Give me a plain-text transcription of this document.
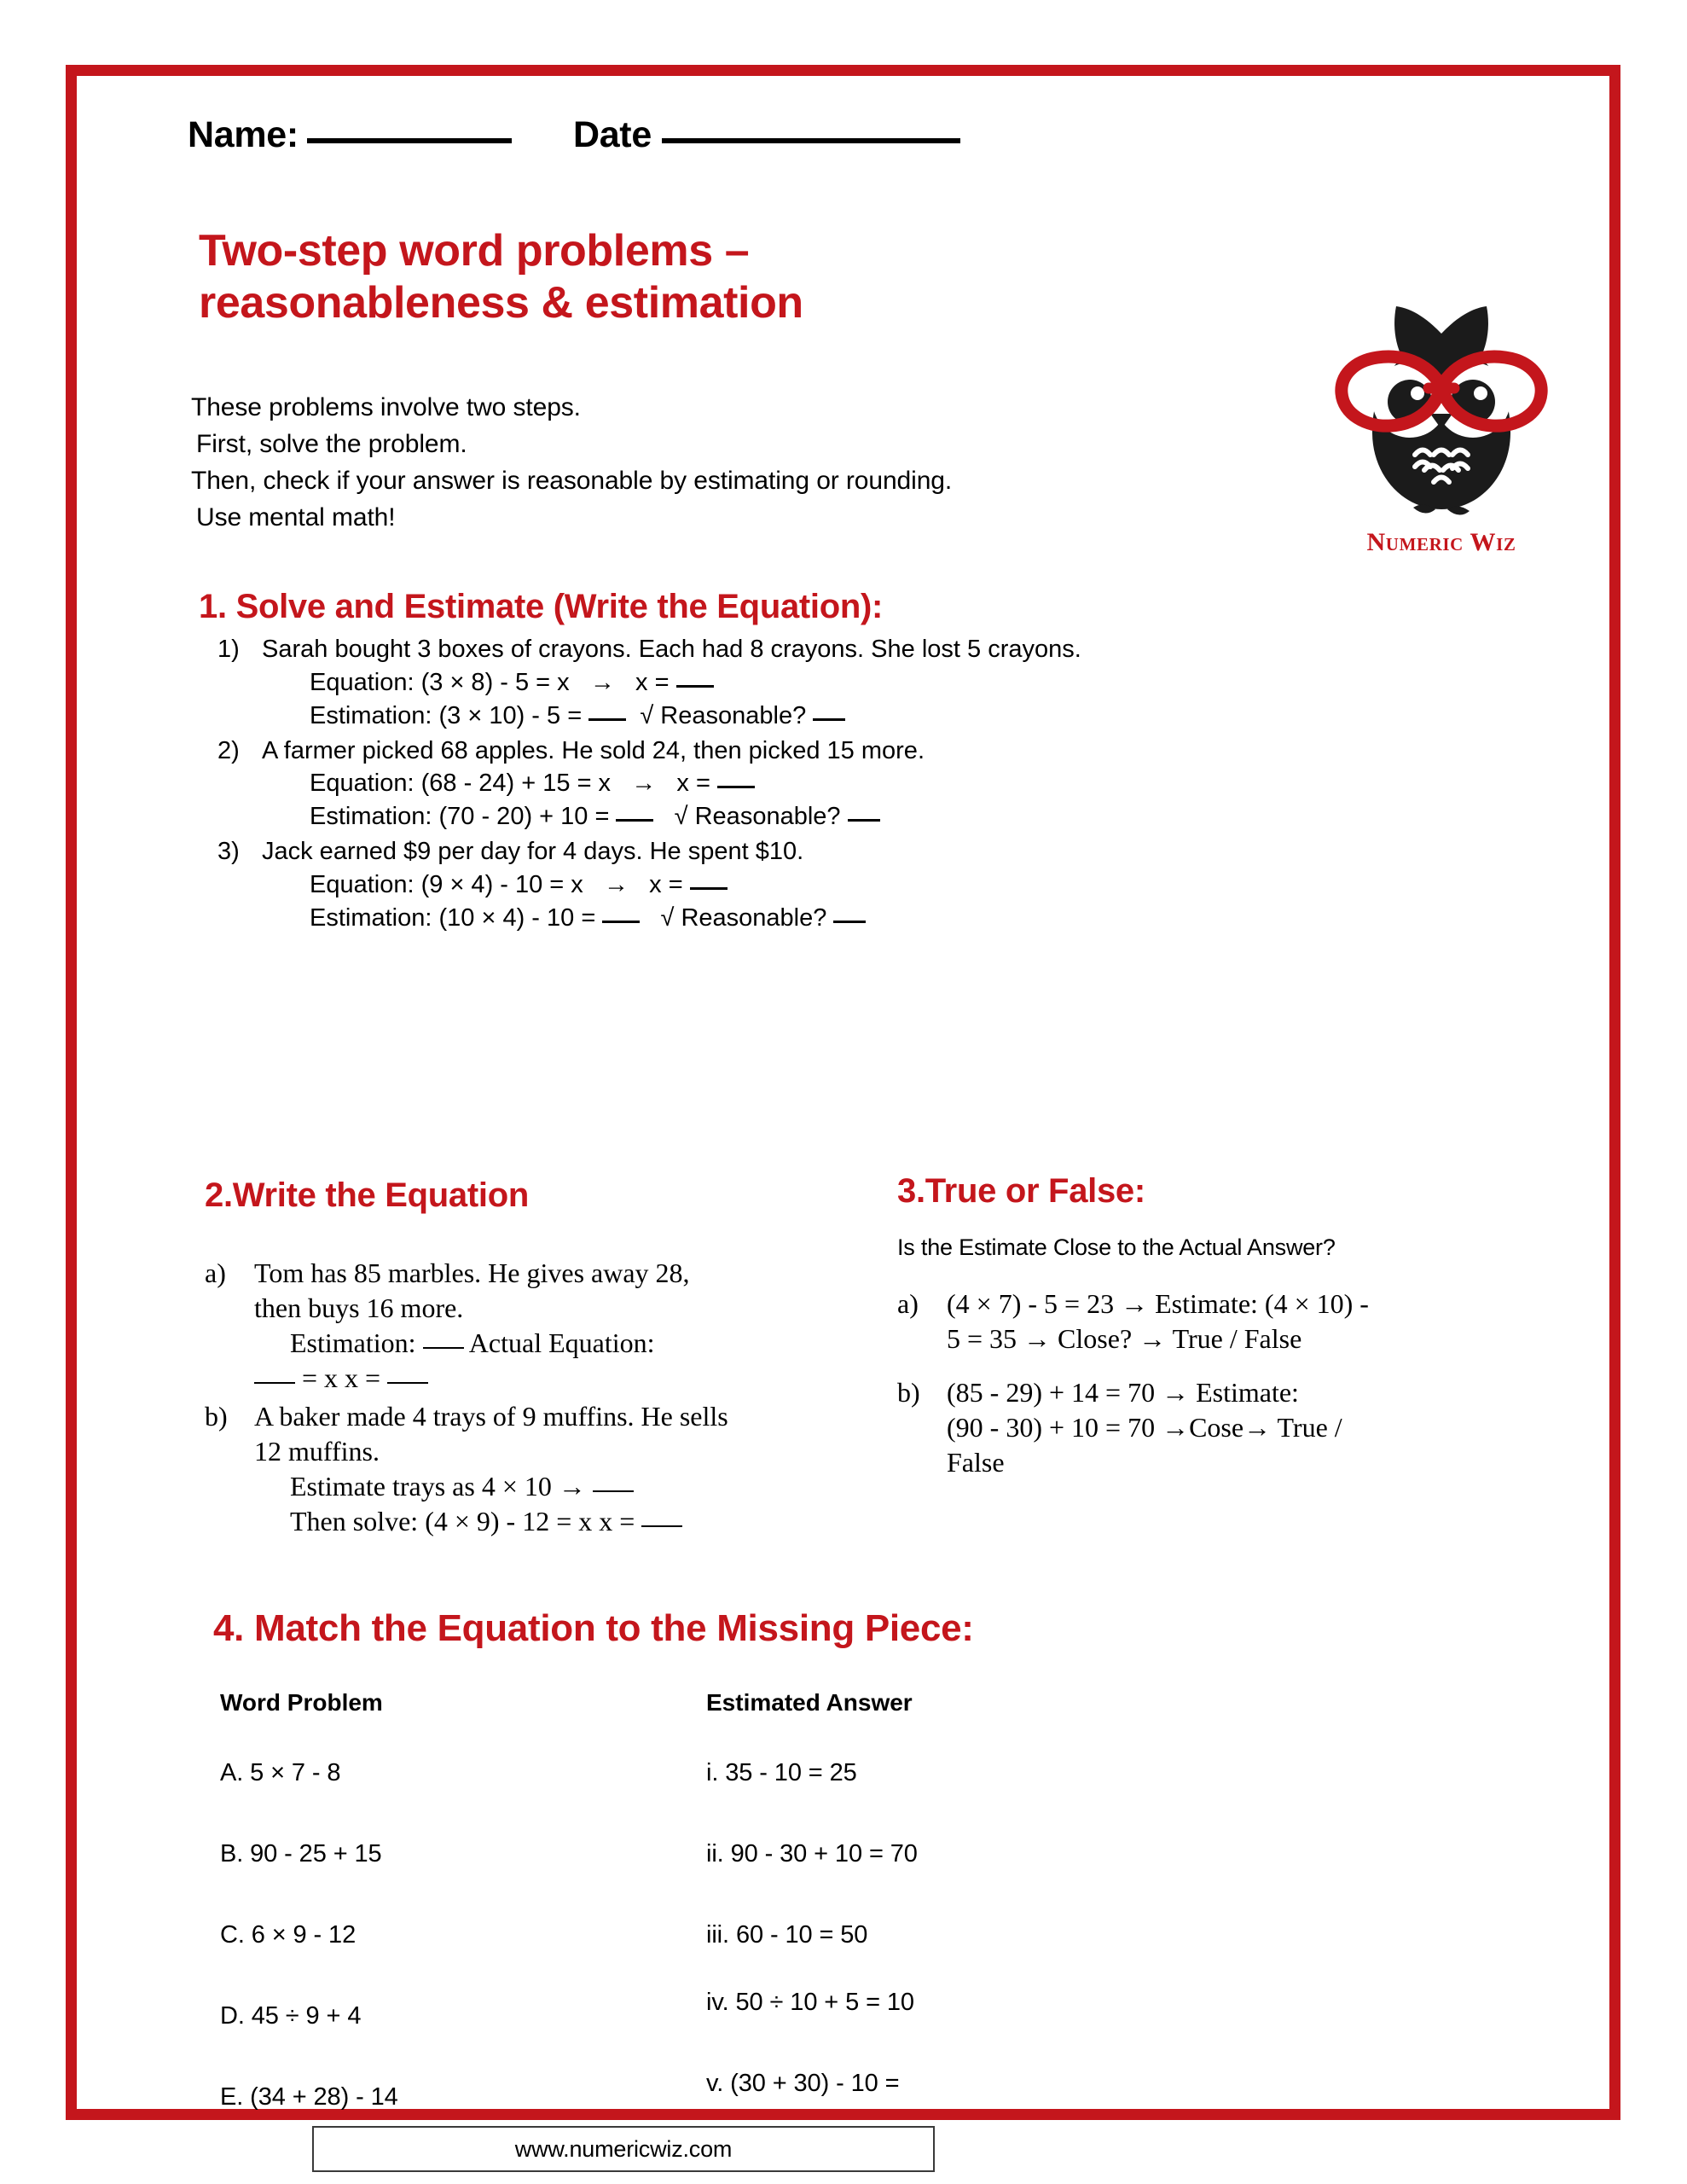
Name:	Date
Two-step word problems –
reasonableness & estimation
These problems involve two steps.
First, solve the problem.
Then, check if your answer is reasonable by estimating or rounding.
Use mental math!
Numeric Wiz
1. Solve and Estimate (Write the Equation):
1) Sarah bought 3 boxes of crayons. Each had 8 crayons. She lost 5 crayons.
Equation: (3 × 8) - 5 = x   →   x =
Estimation: (3 × 10) - 5 =   √ Reasonable?
2) A farmer picked 68 apples. He sold 24, then picked 15 more.
Equation: (68 - 24) + 15 = x   →   x =
Estimation: (70 - 20) + 10 =    √ Reasonable?
3) Jack earned $9 per day for 4 days. He spent $10.
Equation: (9 × 4) - 10 = x   →   x =
Estimation: (10 × 4) - 10 =    √ Reasonable?
2.Write the Equation
a) Tom has 85 marbles. He gives away 28, then buys 16 more.
Estimation:  Actual Equation:
= x x =
b) A baker made 4 trays of 9 muffins. He sells 12 muffins.
Estimate trays as 4 × 10 →
Then solve: (4 × 9) - 12 = x x =
3.True or False:
Is the Estimate Close to the Actual Answer?
a) (4 × 7) - 5 = 23 → Estimate: (4 × 10) -
5 = 35 → Close? → True / False
b) (85 - 29) + 14 = 70 → Estimate:
(90 - 30) + 10 = 70 →Cose→ True /
False
4. Match the Equation to the Missing Piece:
Word Problem
A. 5 × 7 - 8
B. 90 - 25 + 15
C. 6 × 9 - 12
D. 45 ÷ 9 + 4
E. (34 + 28) - 14
Estimated Answer
i. 35 - 10 = 25
ii. 90 - 30 + 10 = 70
iii. 60 - 10 = 50
iv. 50 ÷ 10 + 5 = 10
v. (30 + 30) - 10 =
www.numericwiz.com
